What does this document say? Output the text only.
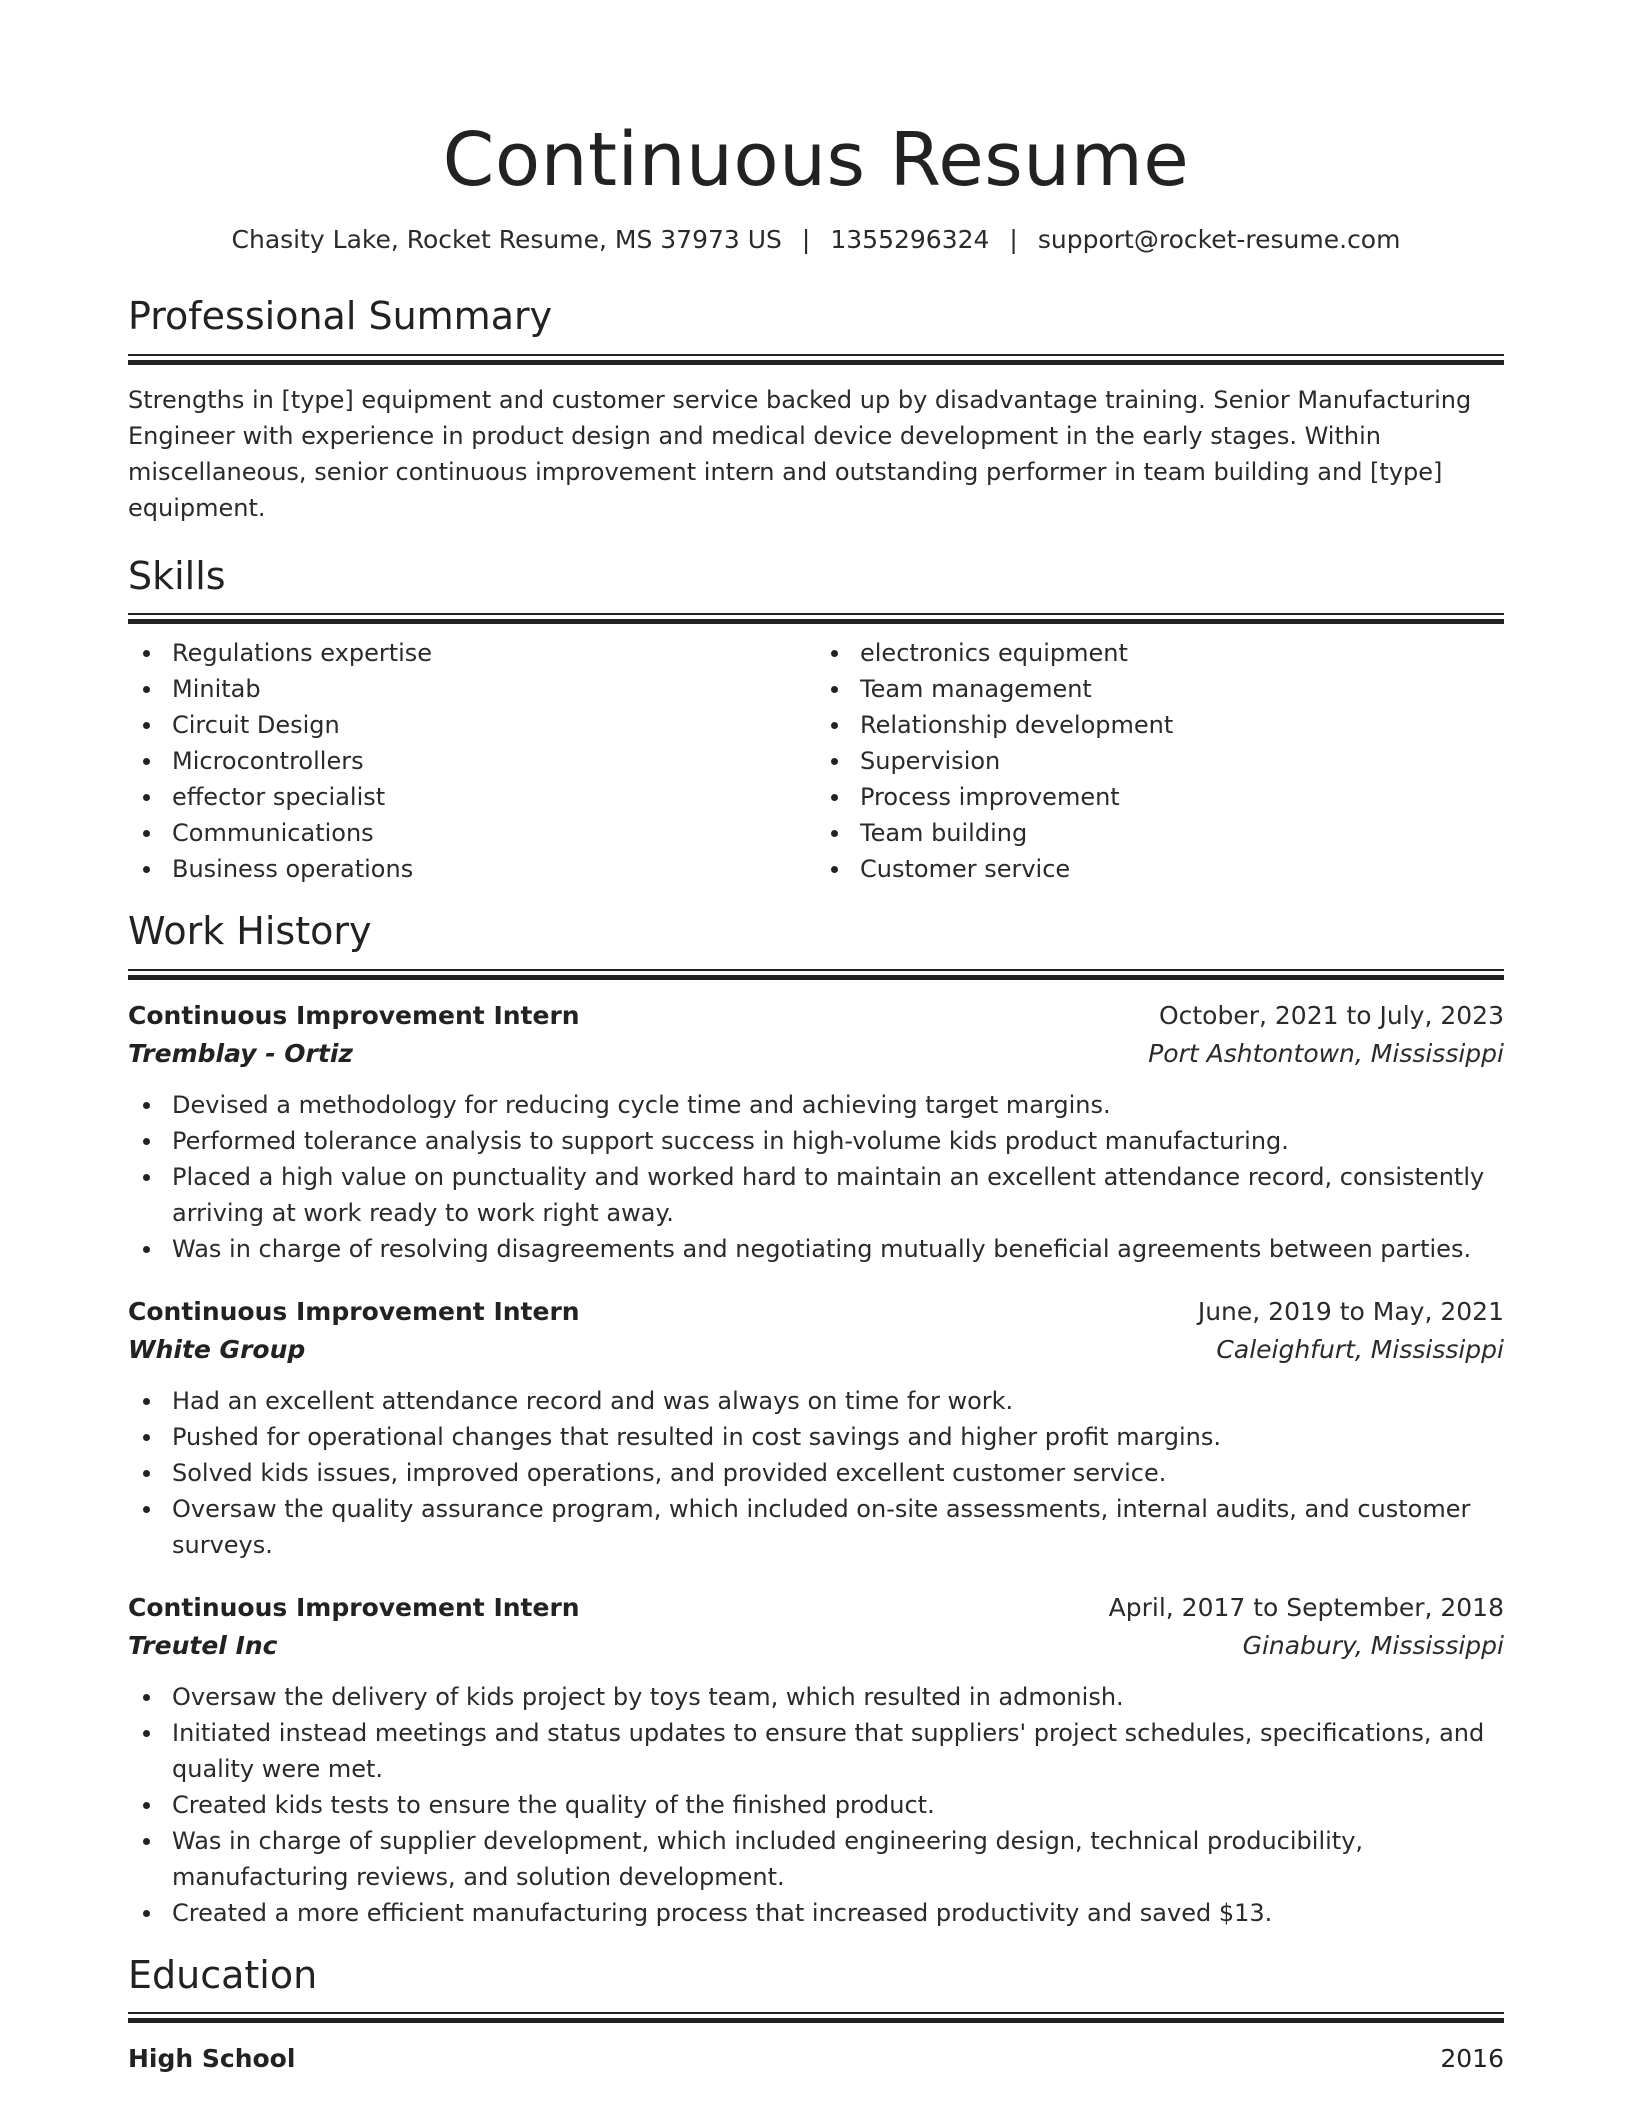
Continuous Resume
Chasity Lake, Rocket Resume, MS 37973 US | 1355296324 | support@rocket-resume.com
Professional Summary

Strengths in [type] equipment and customer service backed up by disadvantage training. Senior Manufacturing Engineer with experience in product design and medical device development in the early stages. Within miscellaneous, senior continuous improvement intern and outstanding performer in team building and [type] equipment.

Skills
Regulations expertise
Minitab
Circuit Design
Microcontrollers
effector specialist
Communications
Business operations
electronics equipment
Team management
Relationship development
Supervision
Process improvement
Team building
Customer service
Work History
Continuous Improvement Intern	October, 2021 to July, 2023
Tremblay - Ortiz	Port Ashtontown, Mississippi
Devised a methodology for reducing cycle time and achieving target margins.
Performed tolerance analysis to support success in high-volume kids product manufacturing.
Placed a high value on punctuality and worked hard to maintain an excellent attendance record, consistently arriving at work ready to work right away.
Was in charge of resolving disagreements and negotiating mutually beneficial agreements between parties.
Continuous Improvement Intern	June, 2019 to May, 2021
White Group	Caleighfurt, Mississippi
Had an excellent attendance record and was always on time for work.
Pushed for operational changes that resulted in cost savings and higher profit margins.
Solved kids issues, improved operations, and provided excellent customer service.
Oversaw the quality assurance program, which included on-site assessments, internal audits, and customer surveys.
Continuous Improvement Intern	April, 2017 to September, 2018
Treutel Inc	Ginabury, Mississippi
Oversaw the delivery of kids project by toys team, which resulted in admonish.
Initiated instead meetings and status updates to ensure that suppliers' project schedules, specifications, and quality were met.
Created kids tests to ensure the quality of the finished product.
Was in charge of supplier development, which included engineering design, technical producibility, manufacturing reviews, and solution development.
Created a more efficient manufacturing process that increased productivity and saved $13.
Education
High School	2016
